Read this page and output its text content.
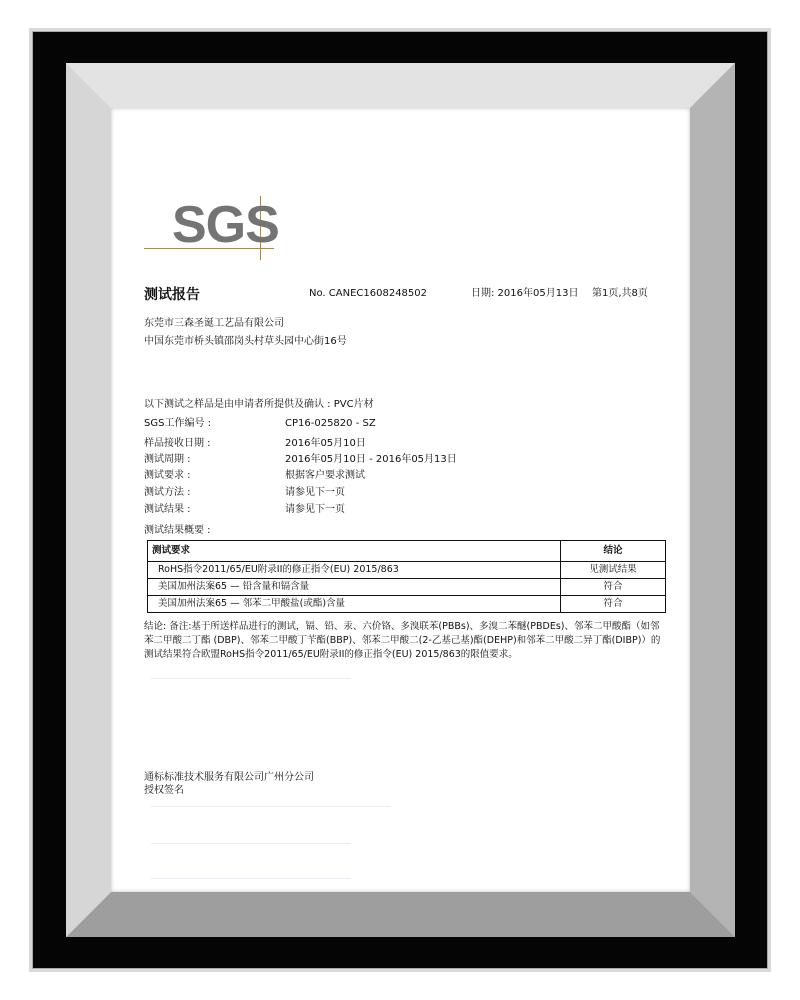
SGS
测试报告	No. CANEC1608248502	日期: 2016年05月13日 第1页,共8页
东莞市三森圣诞工艺品有限公司
中国东莞市桥头镇邵岗头村草头园中心街16号
以下测试之样品是由申请者所提供及确认 : PVC片材
SGS工作编号 :	CP16-025820 - SZ
样品接收日期 :	2016年05月10日
测试周期 :	2016年05月10日 - 2016年05月13日
测试要求 :	根据客户要求测试
测试方法 :	请参见下一页
测试结果 :	请参见下一页
测试结果概要 :
测试要求	结论
RoHS指令2011/65/EU附录II的修正指令(EU) 2015/863	见测试结果
美国加州法案65 — 铅含量和镉含量	符合
美国加州法案65 — 邻苯二甲酸盐(或酯)含量	符合
结论: 备注:基于所送样品进行的测试，镉、铅、汞、六价铬、多溴联苯(PBBs)、多溴二苯醚(PBDEs)、邻苯二甲酸酯（如邻苯二甲酸二丁酯 (DBP)、邻苯二甲酸丁苄酯(BBP)、邻苯二甲酸二(2-乙基己基)酯(DEHP)和邻苯二甲酸二异丁酯(DIBP)）的测试结果符合欧盟RoHS指令2011/65/EU附录II的修正指令(EU) 2015/863的限值要求。
通标标准技术服务有限公司广州分公司
授权签名
